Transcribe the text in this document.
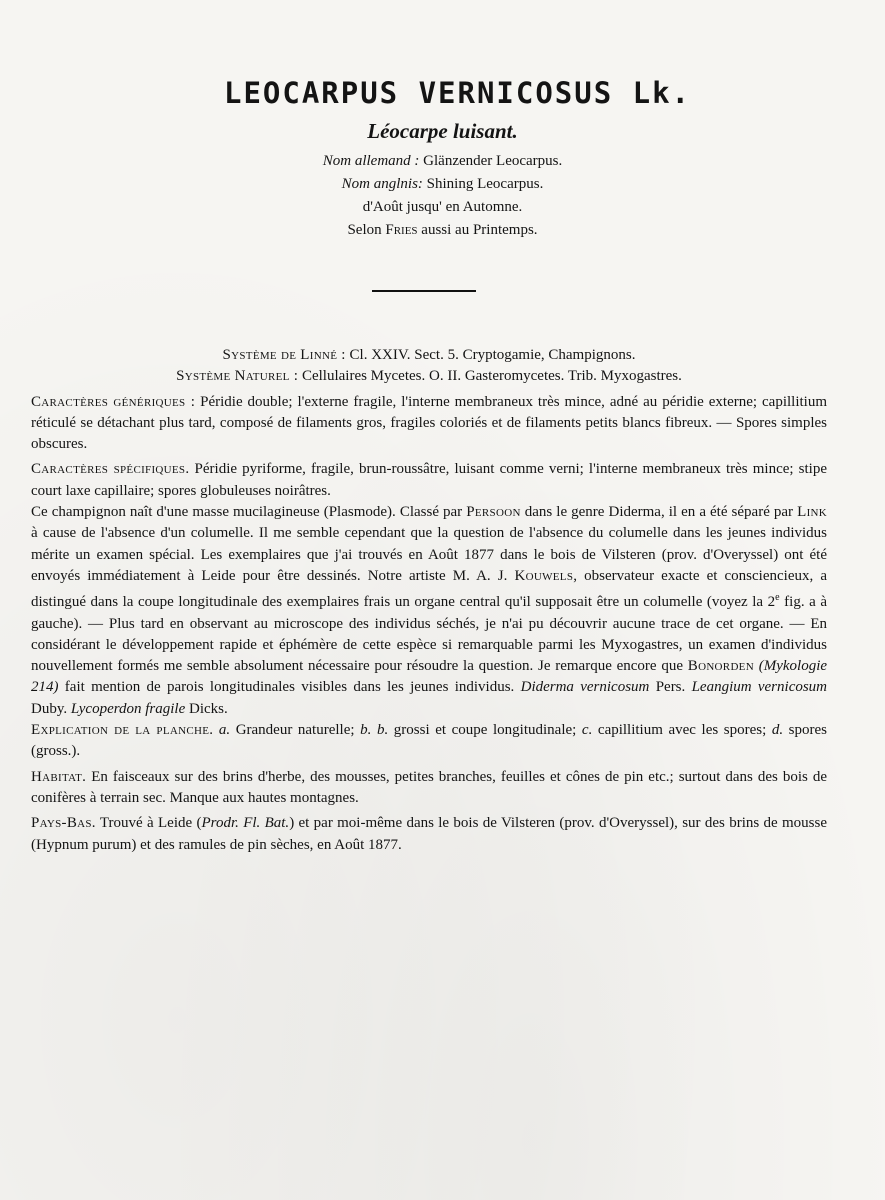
LEOCARPUS VERNICOSUS Lk.
Léocarpe luisant.

Nom allemand : Glänzender Leocarpus.

Nom anglnis: Shining Leocarpus.

d'Août jusqu' en Automne.

Selon Fries aussi au Printemps.

Système de Linné : Cl. XXIV. Sect. 5. Cryptogamie, Champignons.

Système Naturel : Cellulaires Mycetes. O. II. Gasteromycetes. Trib. Myxogastres.

Caractères génériques : Péridie double; l'externe fragile, l'interne membraneux très mince, adné au péridie externe; capillitium réticulé se détachant plus tard, composé de filaments gros, fragiles coloriés et de filaments petits blancs fibreux. — Spores simples obscures.

Caractères spécifiques. Péridie pyriforme, fragile, brun-roussâtre, luisant comme verni; l'interne membraneux très mince; stipe court laxe capillaire; spores globuleuses noirâtres.

Ce champignon naît d'une masse mucilagineuse (Plasmode). Classé par Persoon dans le genre Diderma, il en a été séparé par Link à cause de l'absence d'un columelle. Il me semble cependant que la question de l'absence du columelle dans les jeunes individus mérite un examen spécial. Les exemplaires que j'ai trouvés en Août 1877 dans le bois de Vilsteren (prov. d'Overyssel) ont été envoyés immédiatement à Leide pour être dessinés. Notre artiste M. A. J. Kouwels, observateur exacte et consciencieux, a distingué dans la coupe longitudinale des exemplaires frais un organe central qu'il supposait être un columelle (voyez la 2e fig. a à gauche). — Plus tard en observant au microscope des individus séchés, je n'ai pu découvrir aucune trace de cet organe. — En considérant le développement rapide et éphémère de cette espèce si remarquable parmi les Myxogastres, un examen d'individus nouvellement formés me semble absolument nécessaire pour résoudre la question. Je remarque encore que Bonorden (Mykologie 214) fait mention de parois longitudinales visibles dans les jeunes individus. Diderma vernicosum Pers. Leangium vernicosum Duby. Lycoperdon fragile Dicks.

Explication de la planche. a. Grandeur naturelle; b. b. grossi et coupe longitudinale; c. capillitium avec les spores; d. spores (gross.).

Habitat. En faisceaux sur des brins d'herbe, des mousses, petites branches, feuilles et cônes de pin etc.; surtout dans des bois de conifères à terrain sec. Manque aux hautes montagnes.

Pays-Bas. Trouvé à Leide (Prodr. Fl. Bat.) et par moi-même dans le bois de Vilsteren (prov. d'Overyssel), sur des brins de mousse (Hypnum purum) et des ramules de pin sèches, en Août 1877.
